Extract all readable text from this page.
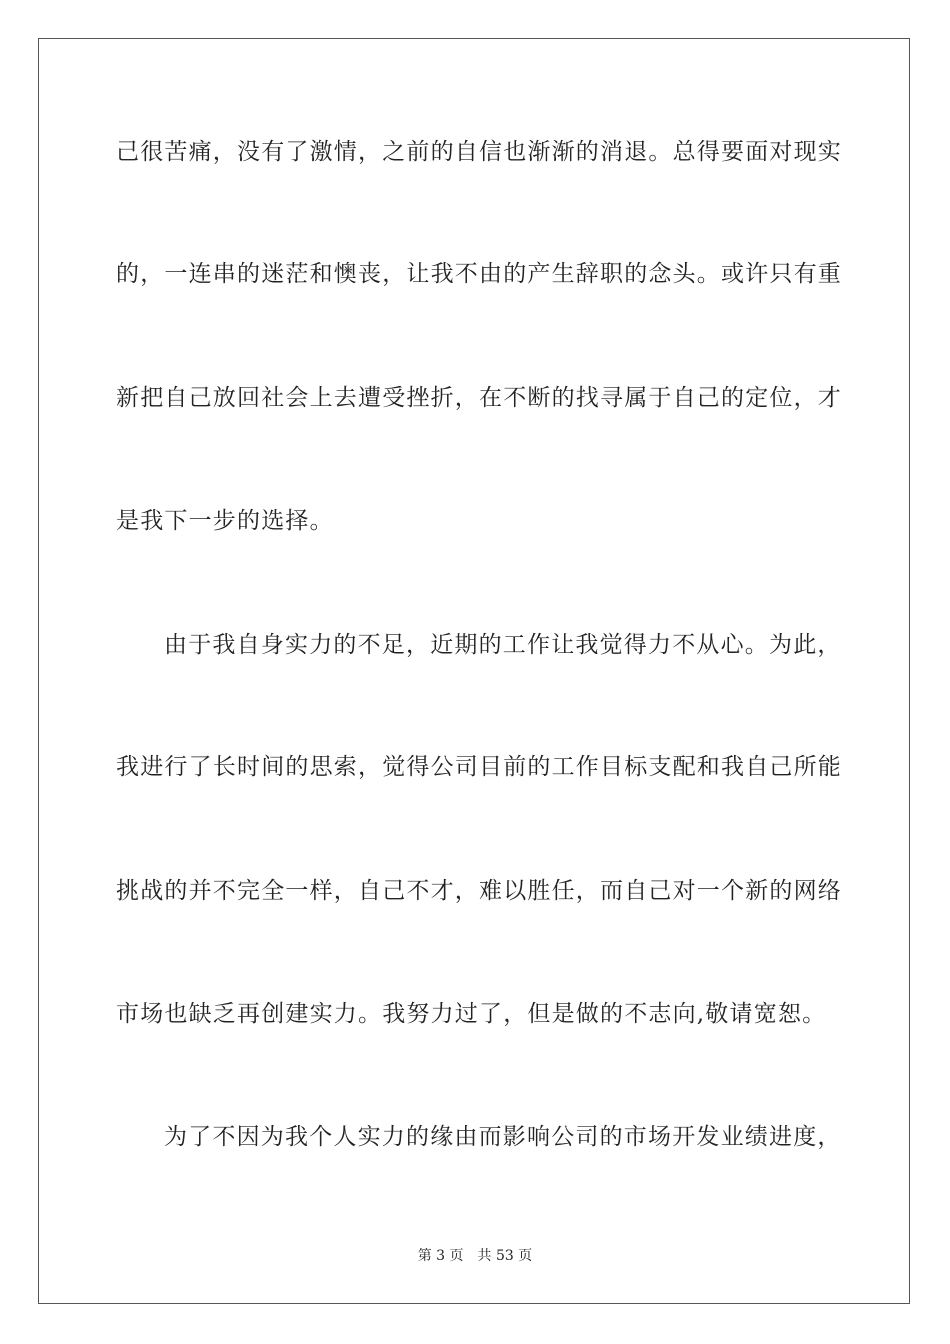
己很苦痛，没有了激情，之前的自信也渐渐的消退。总得要面对现实
的，一连串的迷茫和懊丧，让我不由的产生辞职的念头。或许只有重
新把自己放回社会上去遭受挫折，在不断的找寻属于自己的定位，才
是我下一步的选择。
由于我自身实力的不足，近期的工作让我觉得力不从心。为此，
我进行了长时间的思索，觉得公司目前的工作目标支配和我自己所能
挑战的并不完全一样，自己不才，难以胜任，而自己对一个新的网络
市场也缺乏再创建实力。我努力过了，但是做的不志向,敬请宽恕。
为了不因为我个人实力的缘由而影响公司的市场开发业绩进度，
第 3 页 共 53 页
